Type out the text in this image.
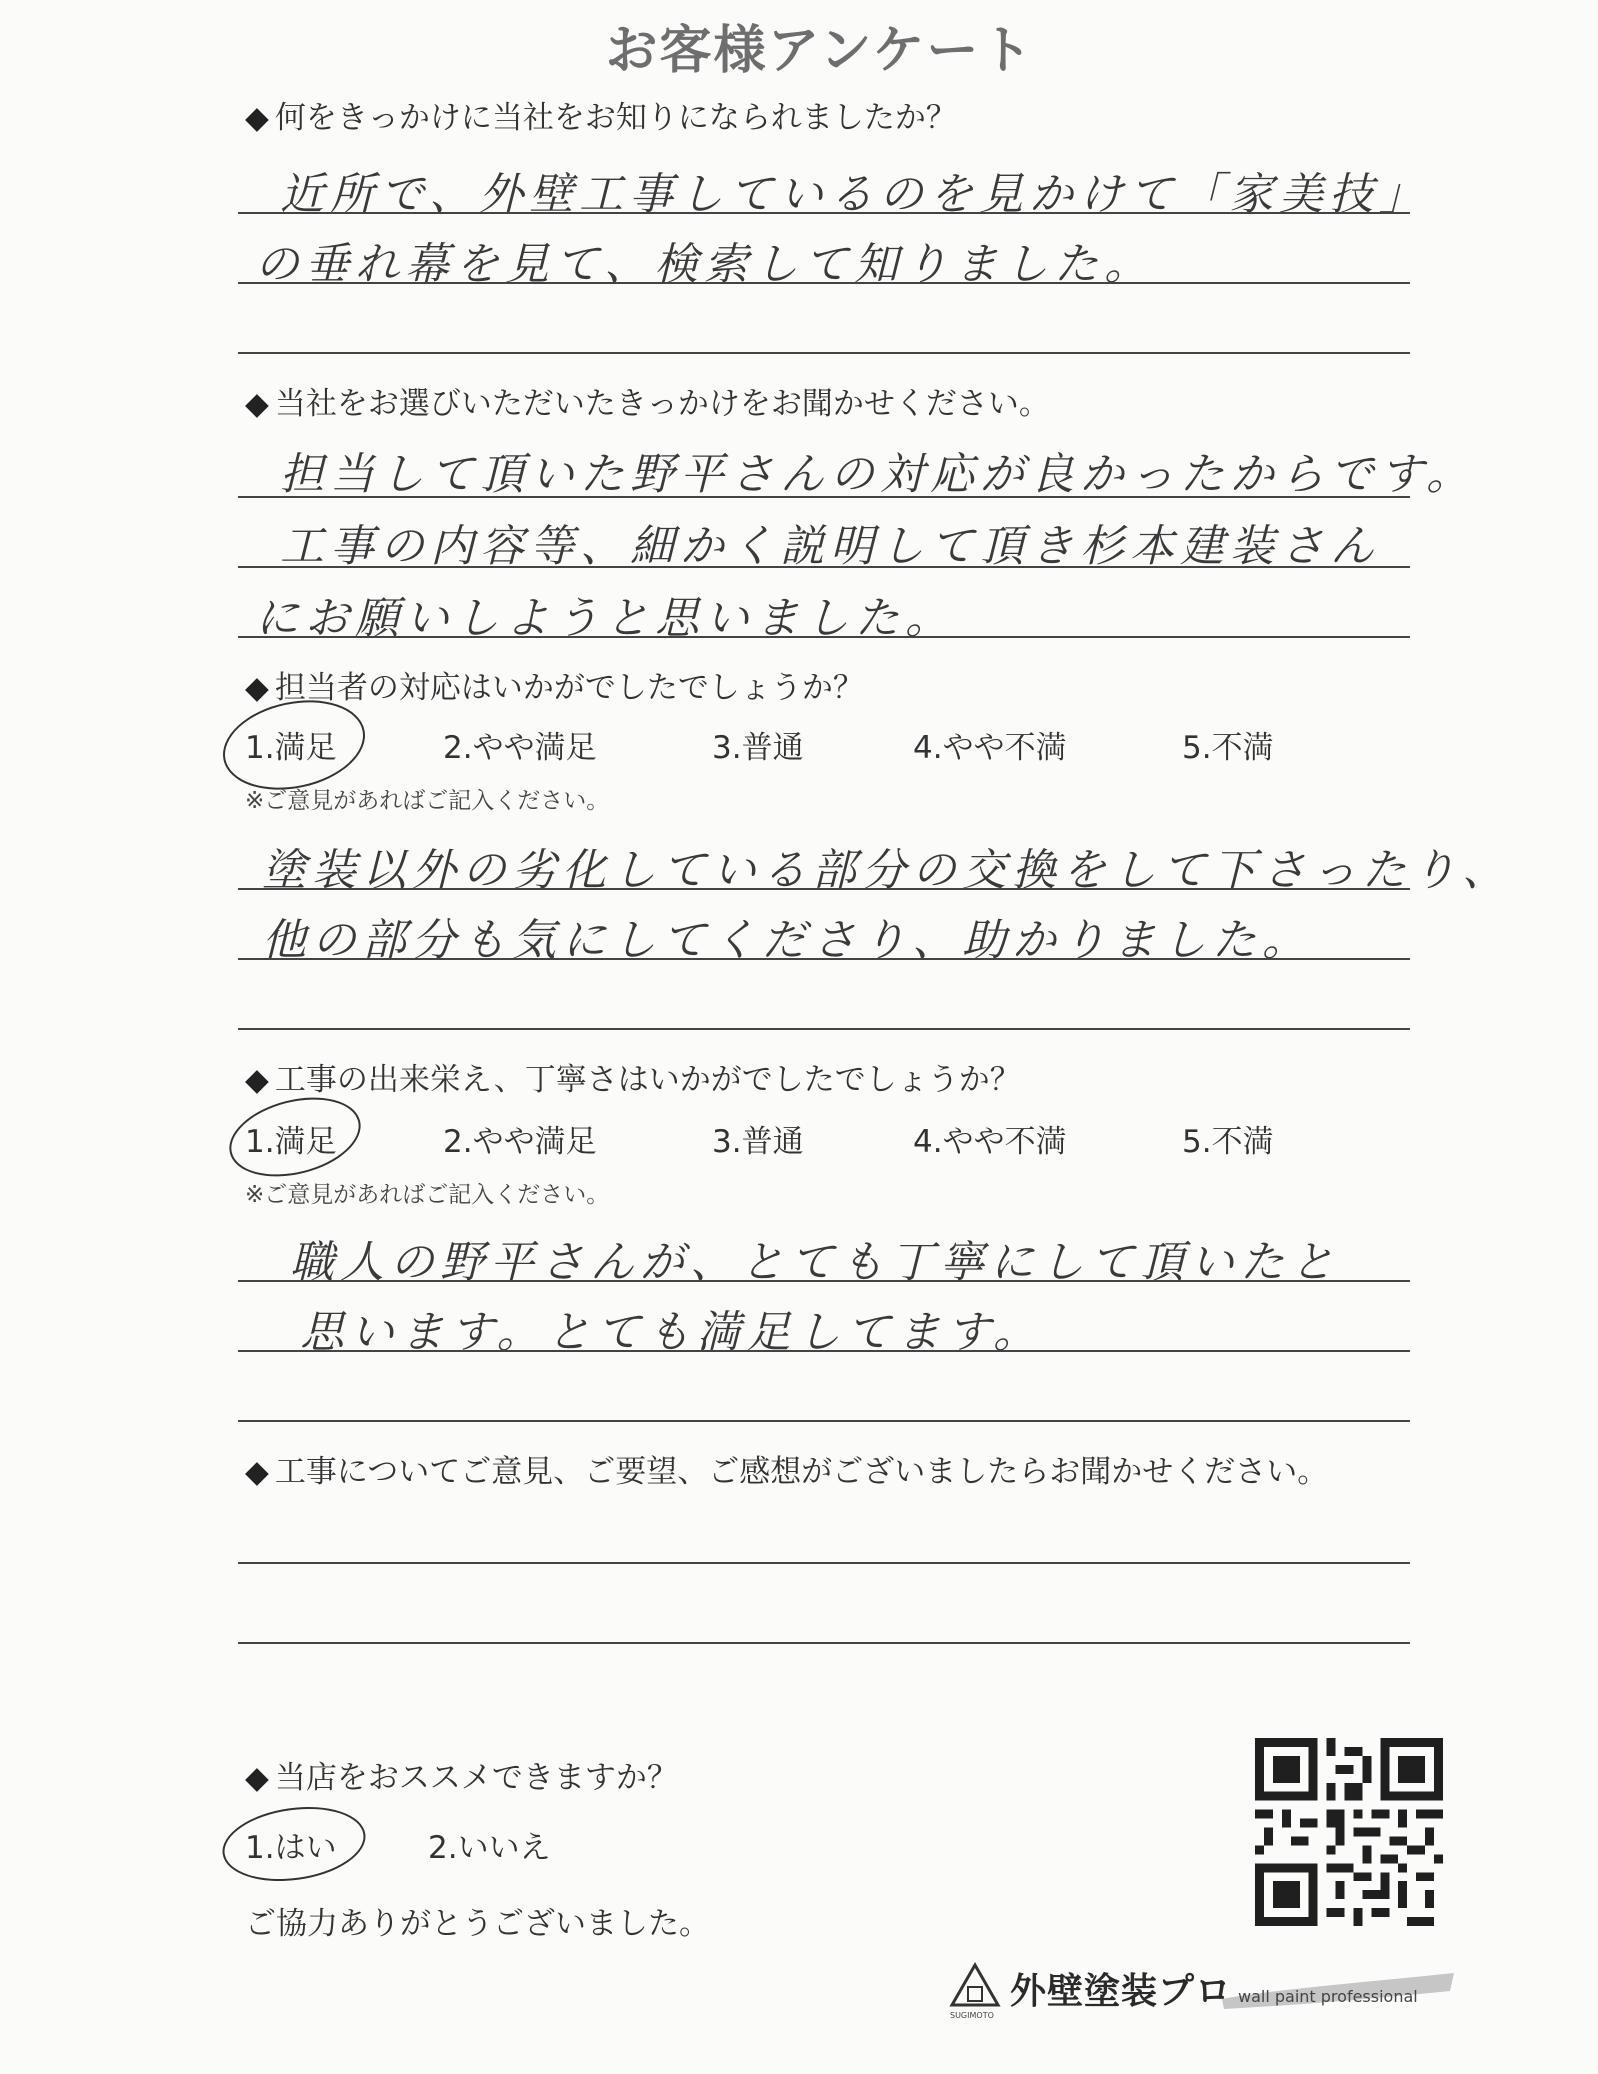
お客様アンケート
◆ 何をきっかけに当社をお知りになられましたか？
近所で、外壁工事しているのを見かけて「家美技」
の垂れ幕を見て、検索して知りました。
◆ 当社をお選びいただいたきっかけをお聞かせください。
担当して頂いた野平さんの対応が良かったからです。
工事の内容等、細かく説明して頂き杉本建装さん
にお願いしようと思いました。
◆ 担当者の対応はいかがでしたでしょうか？
1.満足	2.やや満足	3.普通	4.やや不満	5.不満
※ご意見があればご記入ください。
塗装以外の劣化している部分の交換をして下さったり、
他の部分も気にしてくださり、助かりました。
◆ 工事の出来栄え、丁寧さはいかがでしたでしょうか？
1.満足	2.やや満足	3.普通	4.やや不満	5.不満
※ご意見があればご記入ください。
職人の野平さんが、とても丁寧にして頂いたと
思います。とても満足してます。
◆ 工事についてご意見、ご要望、ご感想がございましたらお聞かせください。
◆ 当店をおススメできますか？
1.はい	2.いいえ
ご協力ありがとうございました。
SUGIMOTO
外壁塗装プロ wall paint professional
